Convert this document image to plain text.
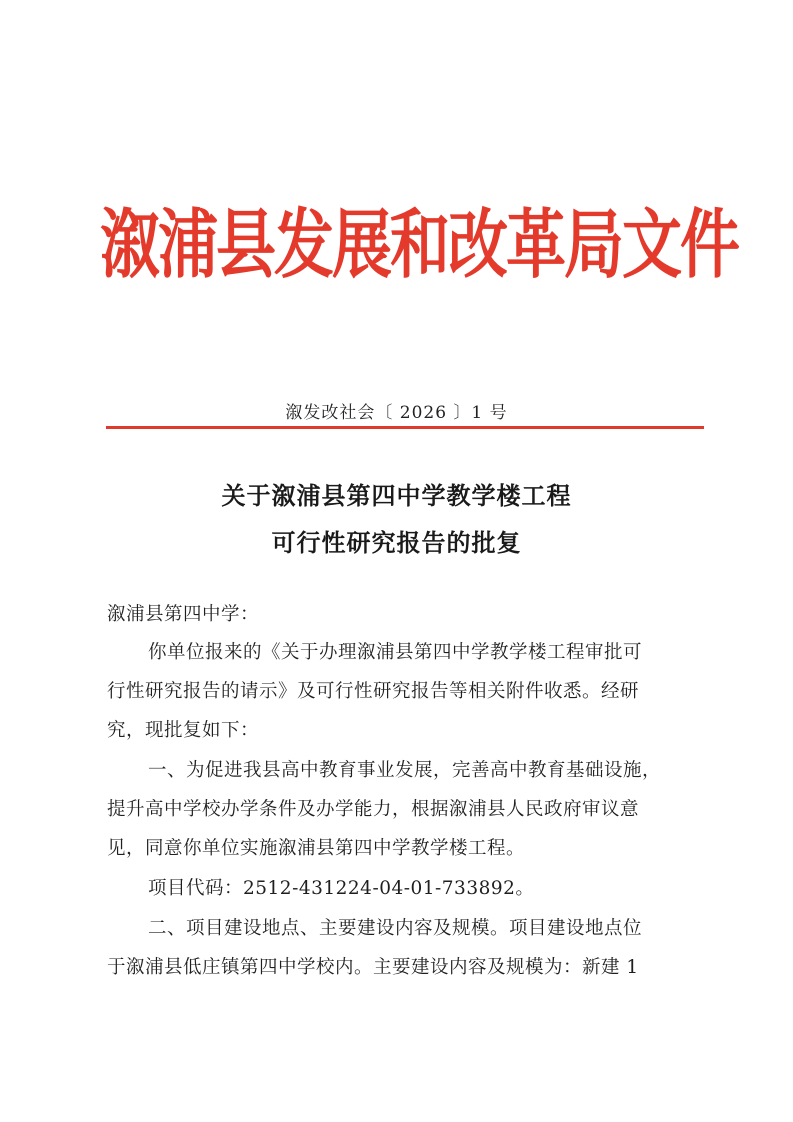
溆浦县发展和改革局文件
溆发改社会〔 2026 〕1 号
关于溆浦县第四中学教学楼工程
可行性研究报告的批复
溆浦县第四中学：
你单位报来的《关于办理溆浦县第四中学教学楼工程审批可
行性研究报告的请示》及可行性研究报告等相关附件收悉。经研
究，现批复如下：
一、为促进我县高中教育事业发展，完善高中教育基础设施，
提升高中学校办学条件及办学能力，根据溆浦县人民政府审议意
见，同意你单位实施溆浦县第四中学教学楼工程。
项目代码：2512-431224-04-01-733892。
二、项目建设地点、主要建设内容及规模。项目建设地点位
于溆浦县低庄镇第四中学校内。主要建设内容及规模为：新建 1
